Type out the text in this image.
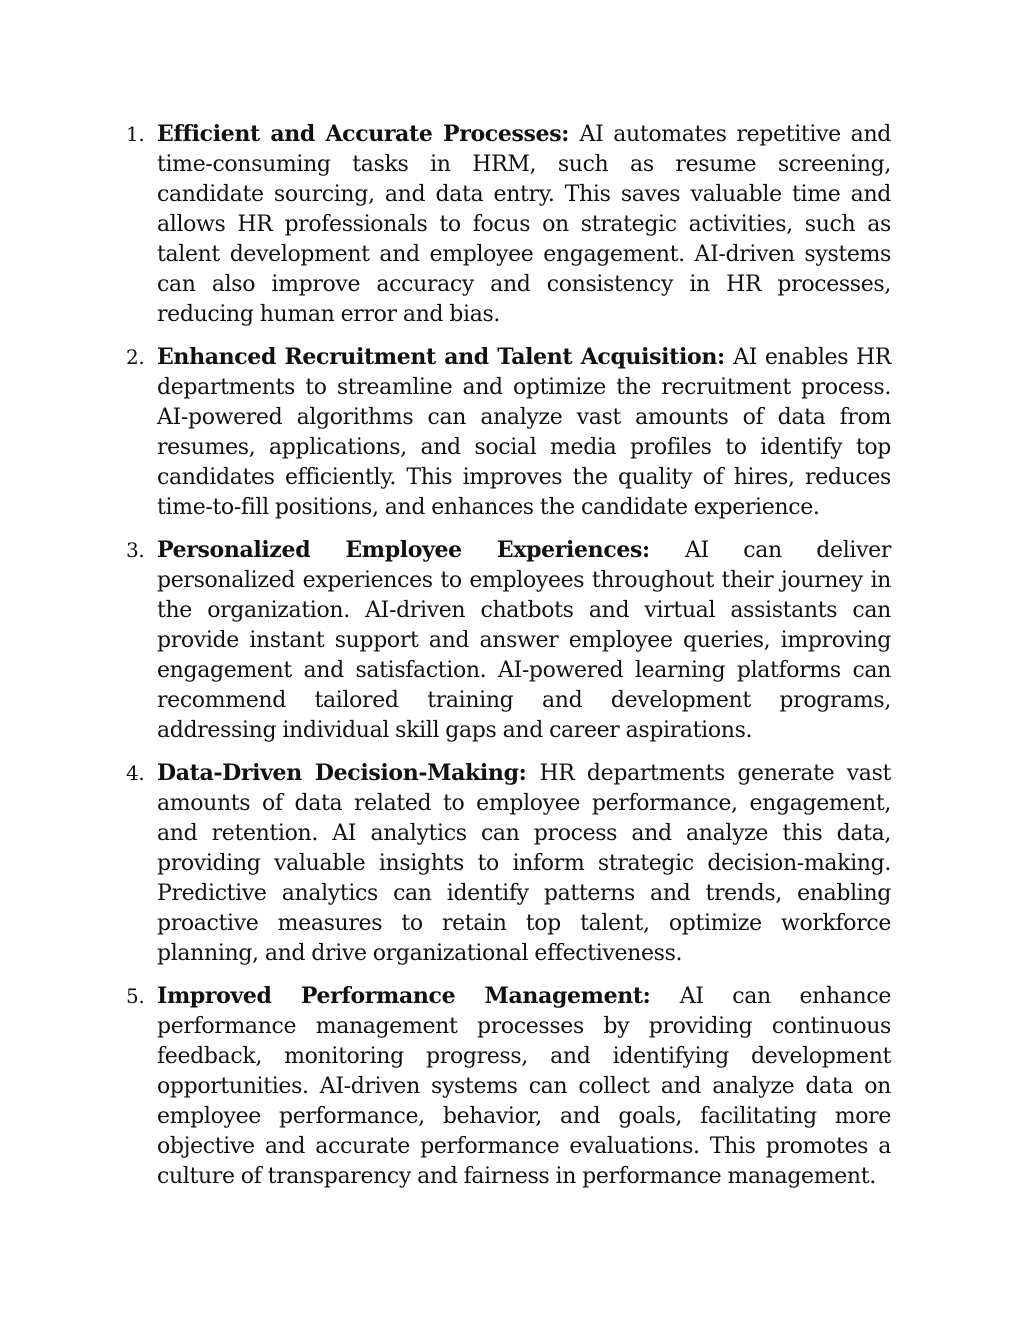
1. Efficient and Accurate Processes: AI automates repetitive and time-consuming tasks in HRM, such as resume screening, candidate sourcing, and data entry. This saves valuable time and allows HR professionals to focus on strategic activities, such as talent development and employee engagement. AI-driven systems can also improve accuracy and consistency in HR processes, reducing human error and bias.
2. Enhanced Recruitment and Talent Acquisition: AI enables HR departments to streamline and optimize the recruitment process. AI-powered algorithms can analyze vast amounts of data from resumes, applications, and social media profiles to identify top candidates efficiently. This improves the quality of hires, reduces time-to-fill positions, and enhances the candidate experience.
3. Personalized Employee Experiences: AI can deliver personalized experiences to employees throughout their journey in the organization. AI-driven chatbots and virtual assistants can provide instant support and answer employee queries, improving engagement and satisfaction. AI-powered learning platforms can recommend tailored training and development programs, addressing individual skill gaps and career aspirations.
4. Data-Driven Decision-Making: HR departments generate vast amounts of data related to employee performance, engagement, and retention. AI analytics can process and analyze this data, providing valuable insights to inform strategic decision-making. Predictive analytics can identify patterns and trends, enabling proactive measures to retain top talent, optimize workforce planning, and drive organizational effectiveness.
5. Improved Performance Management: AI can enhance performance management processes by providing continuous feedback, monitoring progress, and identifying development opportunities. AI-driven systems can collect and analyze data on employee performance, behavior, and goals, facilitating more objective and accurate performance evaluations. This promotes a culture of transparency and fairness in performance management.
